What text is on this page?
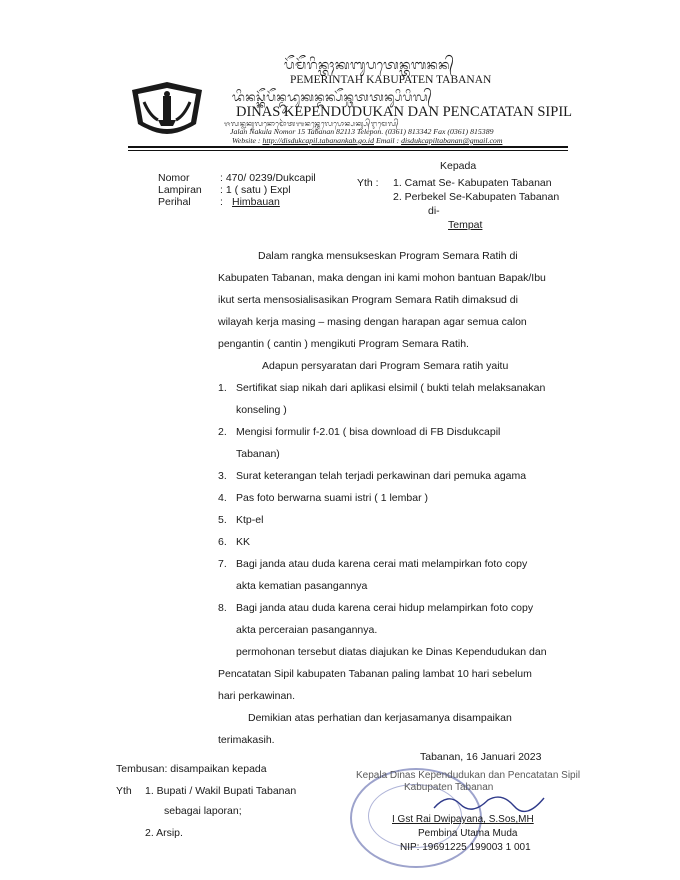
ᬧᭂᬫᭂᬭᬶᬦ᭄ᬢᬄᬓᬩᬸᬧᬢᬾᬦ᭄ᬢᬩᬦᬦ᭄
PEMERINTAH KABUPATEN TABANAN
ᬤᬶᬦᬲ᭄ᬓᭂᬧᭂᬦ᭄ᬤᬸᬤᬸᬓᬦ᭄ᬤᬦ᭄ᬧᭂᬦ᭄ᬘᬢᬢᬦ᭄ᬲᬶᬧᬶᬮ᭄
DINAS KEPENDUDUKAN DAN PENCATATAN SIPIL
ᬚᬮᬦ᭄ᬦᬓᬸᬮᬦᭀᬫᭀᬃᬢᬩᬦᬦ᭄ᬢᬾᬮᬾᬧᭀᬦ᭄ᬧᬓ᭄ᬲ᭄ᬇᬫᬾᬮ᭄
Jalan Nakula Nomor 15 Tabanan 82113 Telepon. (0361) 813342 Fax (0361) 815389
Website : http://disdukcapil.tabanankab.go.id Email : disdukcapiltabanan@gmail.com
Nomor	: 470/ 0239/Dukcapil
Lampiran : 1 ( satu ) Expl
Perihal	: Himbauan
Kepada
Yth : 1. Camat Se- Kabupaten Tabanan
2. Perbekel Se-Kabupaten Tabanan
di-
Tempat
Dalam rangka mensukseskan Program Semara Ratih di
Kabupaten Tabanan, maka dengan ini kami mohon bantuan Bapak/Ibu
ikut serta mensosialisasikan Program Semara Ratih dimaksud di
wilayah kerja masing – masing dengan harapan agar semua calon
pengantin ( cantin ) mengikuti Program Semara Ratih.
Adapun persyaratan dari Program Semara ratih yaitu
1. Sertifikat siap nikah dari aplikasi elsimil ( bukti telah melaksanakan
konseling )
2. Mengisi formulir f-2.01 ( bisa download di FB Disdukcapil
Tabanan)
3. Surat keterangan telah terjadi perkawinan dari pemuka agama
4. Pas foto berwarna suami istri ( 1 lembar )
5. Ktp-el
6. KK
7. Bagi janda atau duda karena cerai mati melampirkan foto copy
akta kematian pasangannya
8. Bagi janda atau duda karena cerai hidup melampirkan foto copy
akta perceraian pasangannya.
permohonan tersebut diatas diajukan ke Dinas Kependudukan dan
Pencatatan Sipil kabupaten Tabanan paling lambat 10 hari sebelum
hari perkawinan.
Demikian atas perhatian dan kerjasamanya disampaikan
terimakasih.
Tabanan, 16 Januari 2023
Tembusan: disampaikan kepada
Yth 1. Bupati / Wakil Bupati Tabanan
sebagai laporan;
2. Arsip.
Kepala Dinas Kependudukan dan Pencatatan Sipil
Kabupaten Tabanan
I Gst Rai Dwipayana, S.Sos,MH
Pembina Utama Muda
NIP: 19691225 199003 1 001
